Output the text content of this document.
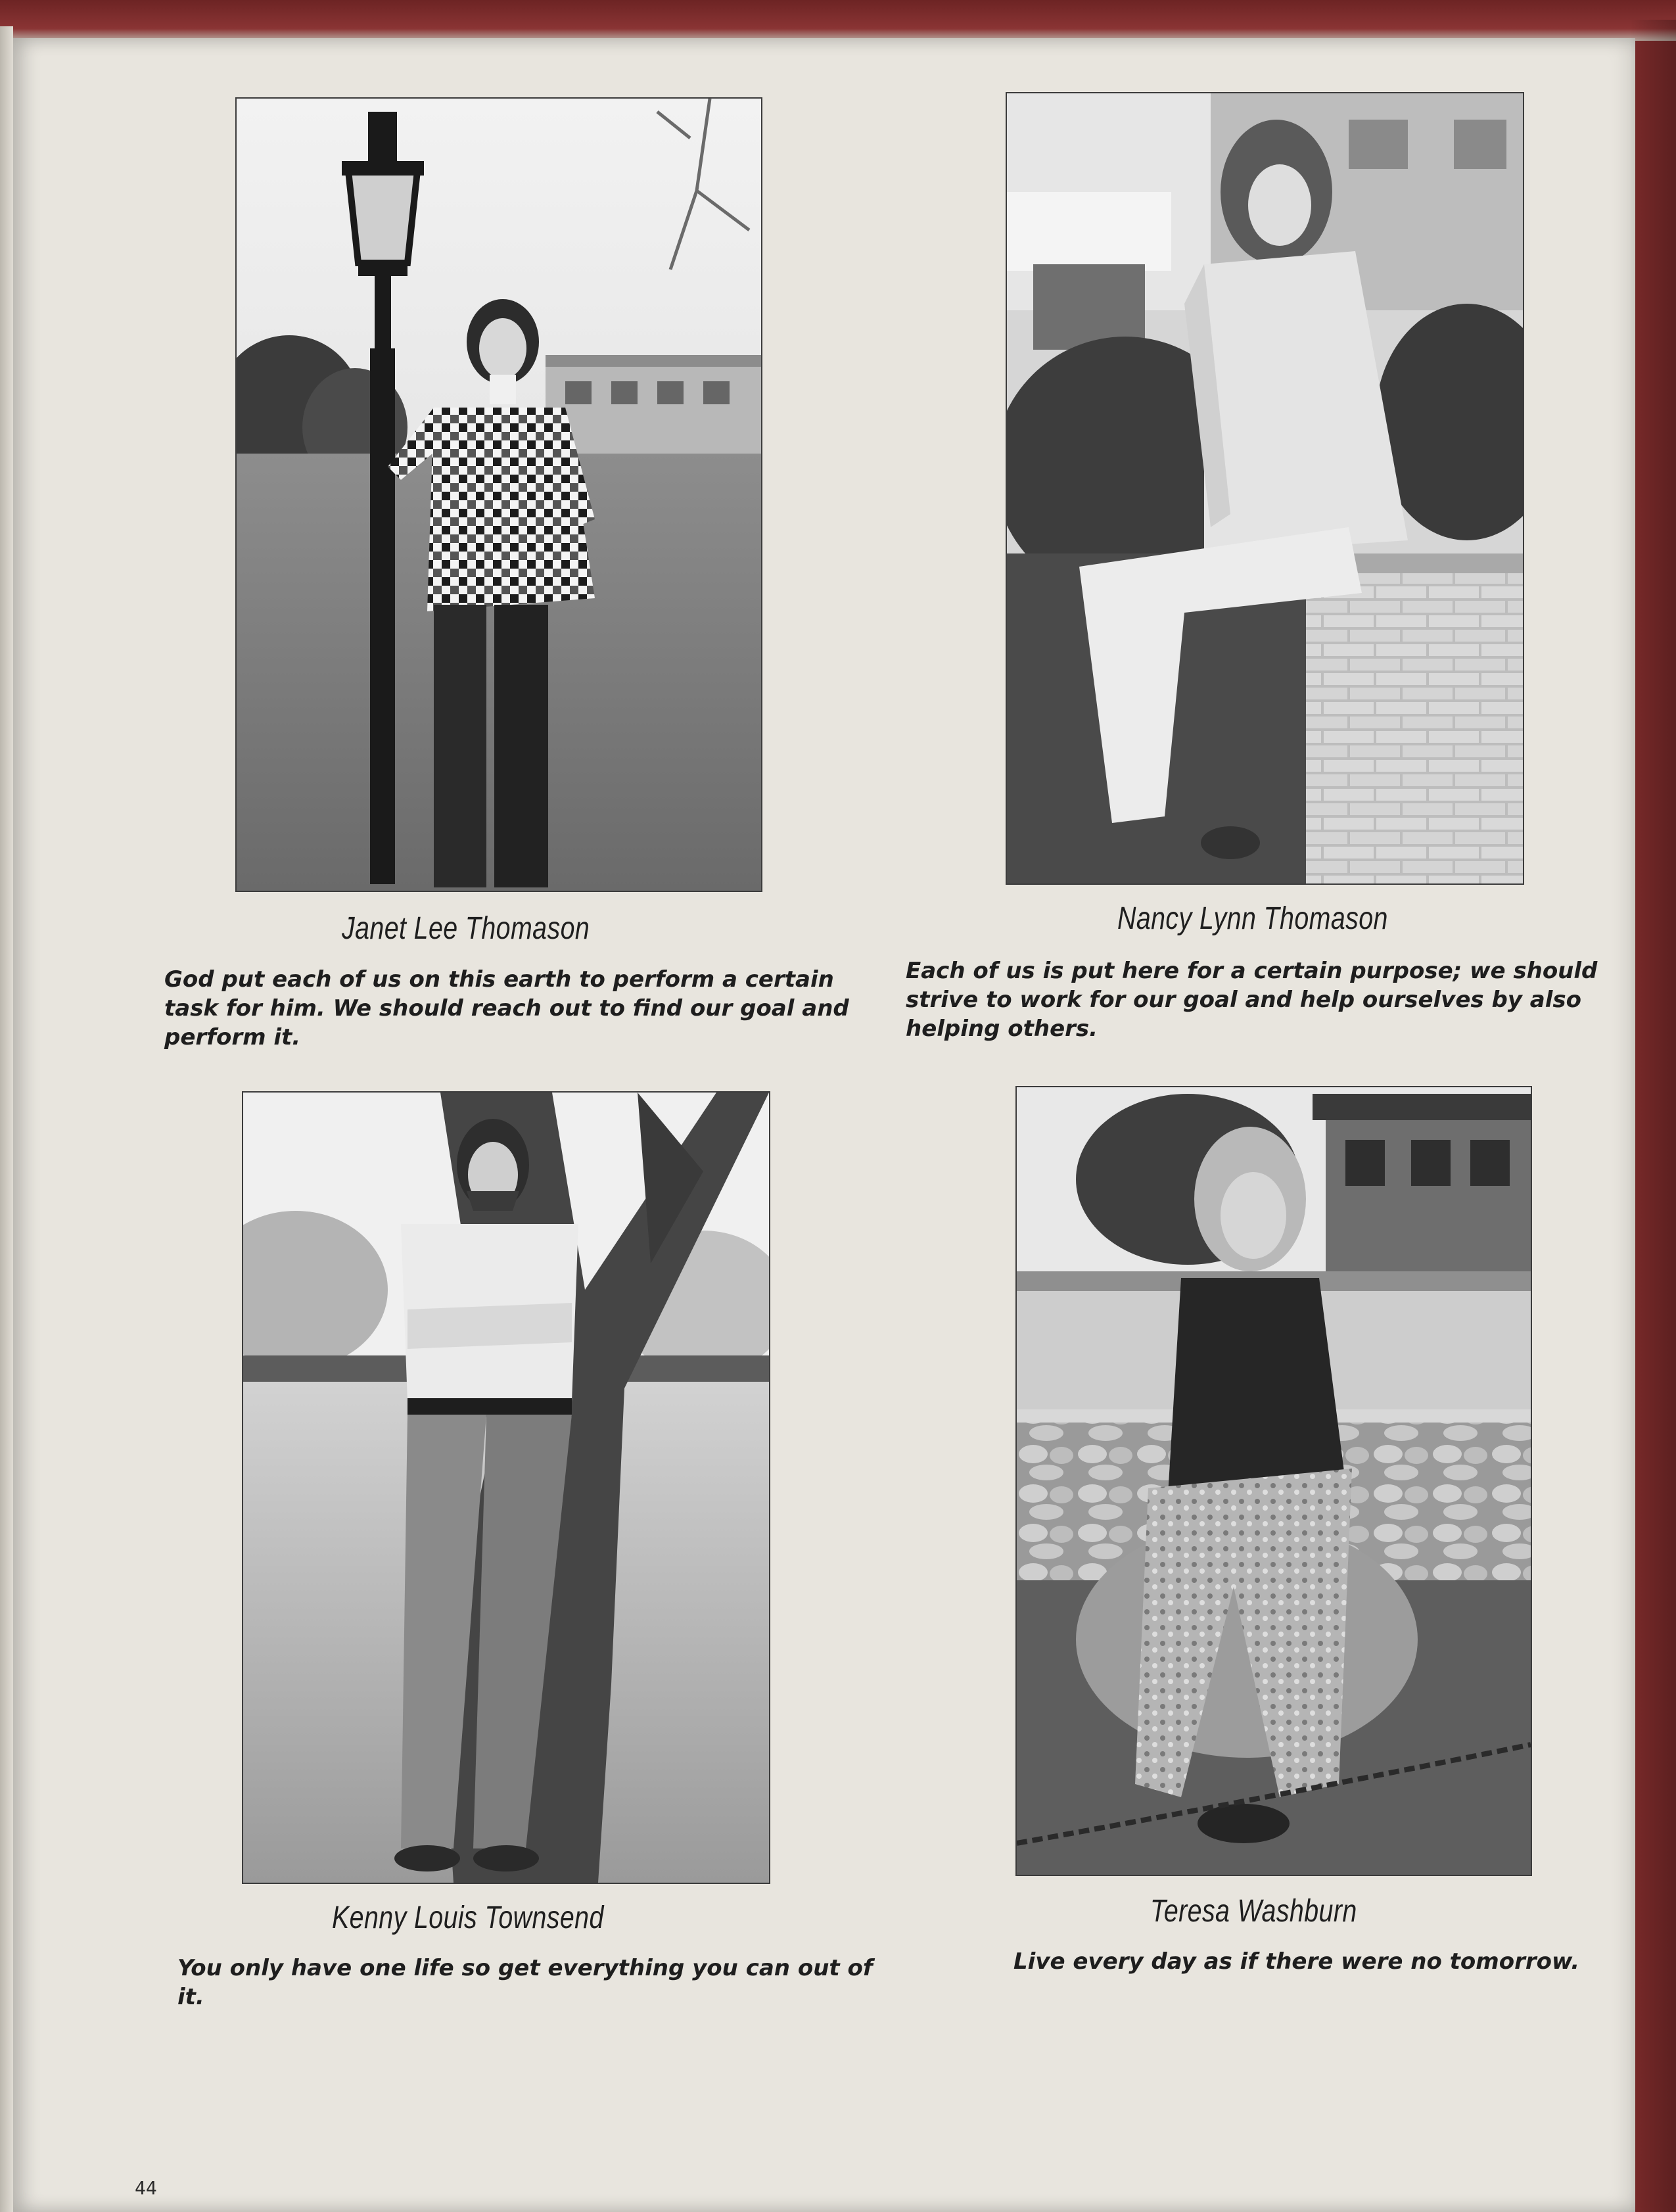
Janet Lee Thomason

God put each of us on this earth to perform a certain task for him. We should reach out to find our goal and perform it.

Nancy Lynn Thomason

Each of us is put here for a certain purpose; we should strive to work for our goal and help ourselves by also helping others.

Kenny Louis Townsend

You only have one life so get everything you can out of it.

Teresa Washburn

Live every day as if there were no tomorrow.

44
